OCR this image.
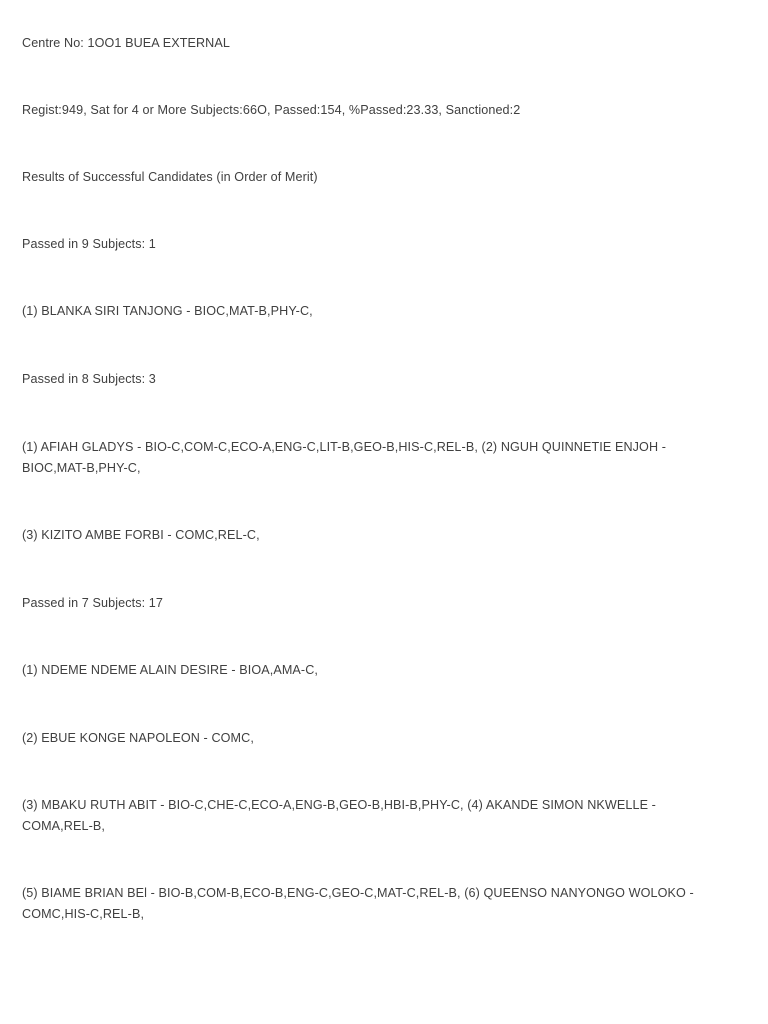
Centre No: 1OO1 BUEA EXTERNAL
Regist:949, Sat for 4 or More Subjects:66O, Passed:154, %Passed:23.33, Sanctioned:2
Results of Successful Candidates (in Order of Merit)
Passed in 9 Subjects: 1
(1) BLANKA SIRI TANJONG - BIOC,MAT-B,PHY-C,
Passed in 8 Subjects: 3
(1) AFIAH GLADYS - BIO-C,COM-C,ECO-A,ENG-C,LIT-B,GEO-B,HIS-C,REL-B, (2) NGUH QUINNETIE ENJOH - BIOC,MAT-B,PHY-C,
(3) KIZITO AMBE FORBI - COMC,REL-C,
Passed in 7 Subjects: 17
(1) NDEME NDEME ALAIN DESIRE - BIOA,AMA-C,
(2) EBUE KONGE NAPOLEON - COMC,
(3) MBAKU RUTH ABIT - BIO-C,CHE-C,ECO-A,ENG-B,GEO-B,HBI-B,PHY-C, (4) AKANDE SIMON NKWELLE - COMA,REL-B,
(5) BIAME BRIAN BEl - BIO-B,COM-B,ECO-B,ENG-C,GEO-C,MAT-C,REL-B, (6) QUEENSO NANYONGO WOLOKO - COMC,HIS-C,REL-B,
